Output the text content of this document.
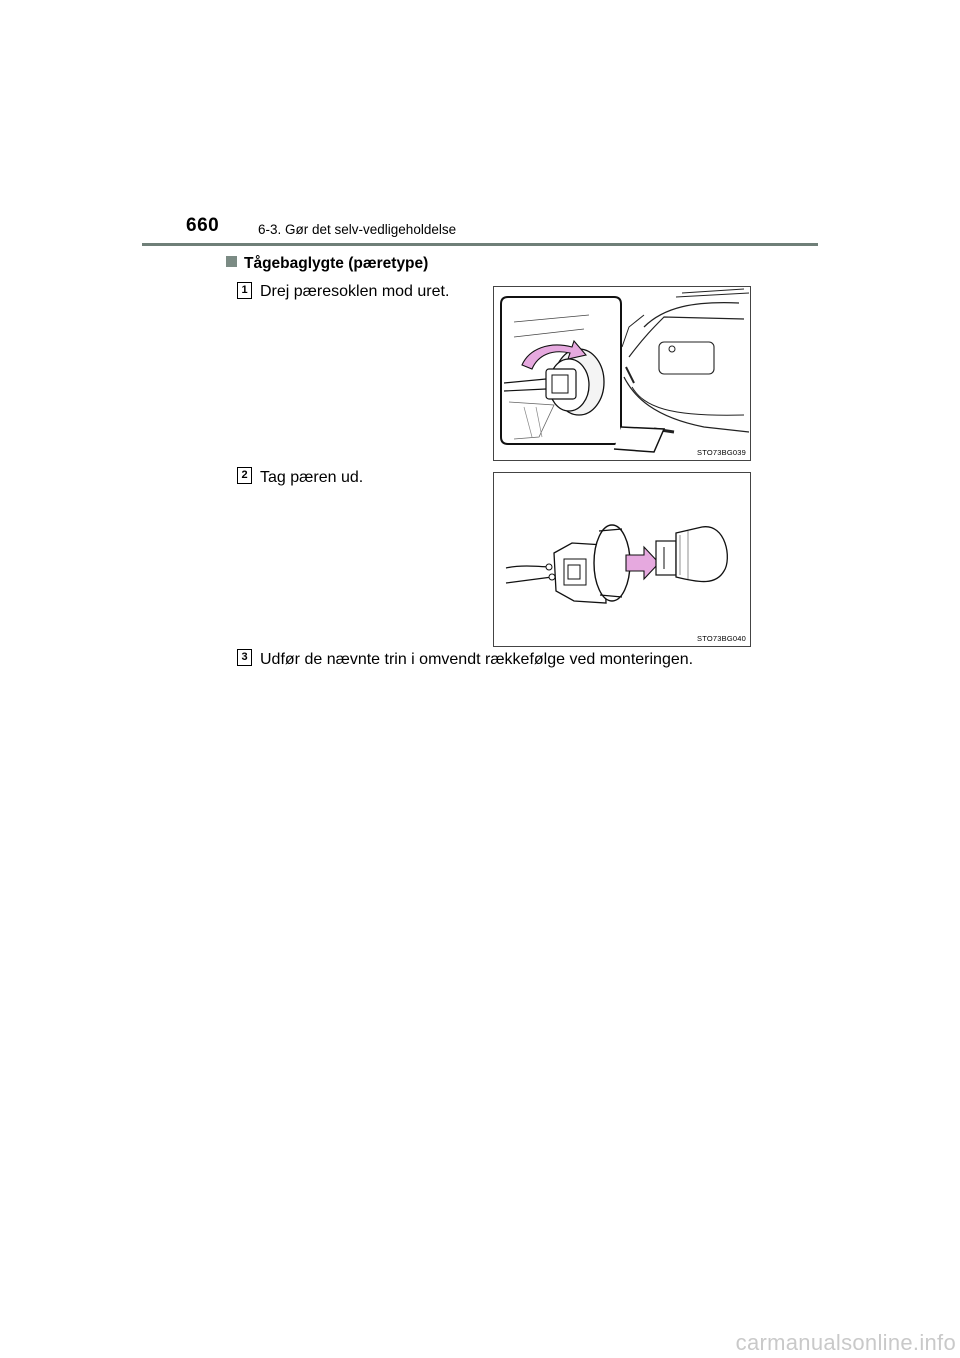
660	6-3. Gør det selv-vedligeholdelse
Tågebaglygte (pæretype)
1 Drej pæresoklen mod uret.
STO73BG039
2 Tag pæren ud.
STO73BG040
3 Udfør de nævnte trin i omvendt rækkefølge ved monteringen.
carmanualsonline.info
